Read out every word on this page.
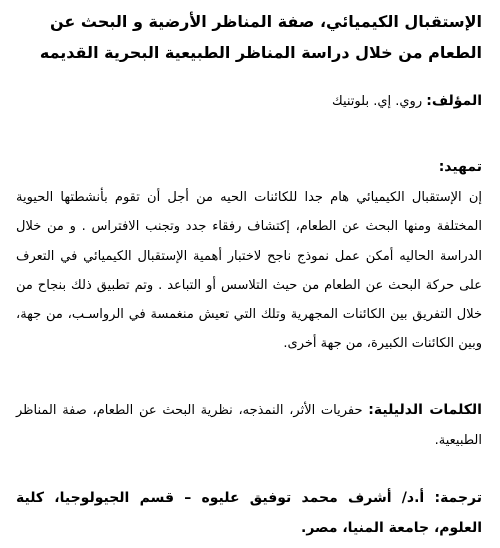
الإستقبال الكيميائي، صفة المناظر الأرضية و البحث عن الطعام من خلال دراسة المناظر الطبيعية البحرية القديمه
المؤلف: روي. إي. بلوتنيك
تمهيد:

إن الإستقبال الكيميائي هام جدا للكائنات الحيه من أجل أن تقوم بأنشطتها الحيوية المختلفة ومنها البحث عن الطعام، إكتشاف رفقاء جدد وتجنب الافتراس . و من خلال الدراسة الحاليه أمكن عمل نموذج ناجح لاختبار أهمية الإستقبال الكيميائي في التعرف على حركة البحث عن الطعام من حيث التلاسس أو التباعد . وتم تطبيق ذلك بنجاح من خلال التفريق بين الكائنات المجهرية وتلك التي تعيش منغمسة في الرواسـب، من جهة، وبين الكائنات الكبيرة، من جهة أخرى.

الكلمات الدليلية: حفريات الأثر، النمذجه، نظرية البحث عن الطعام، صفة المناظر الطبيعية.
ترجمة: أ.د/ أشرف محمد توفيق عليوه – قسم الجيولوجيا، كلية العلوم، جامعة المنيا، مصر.
